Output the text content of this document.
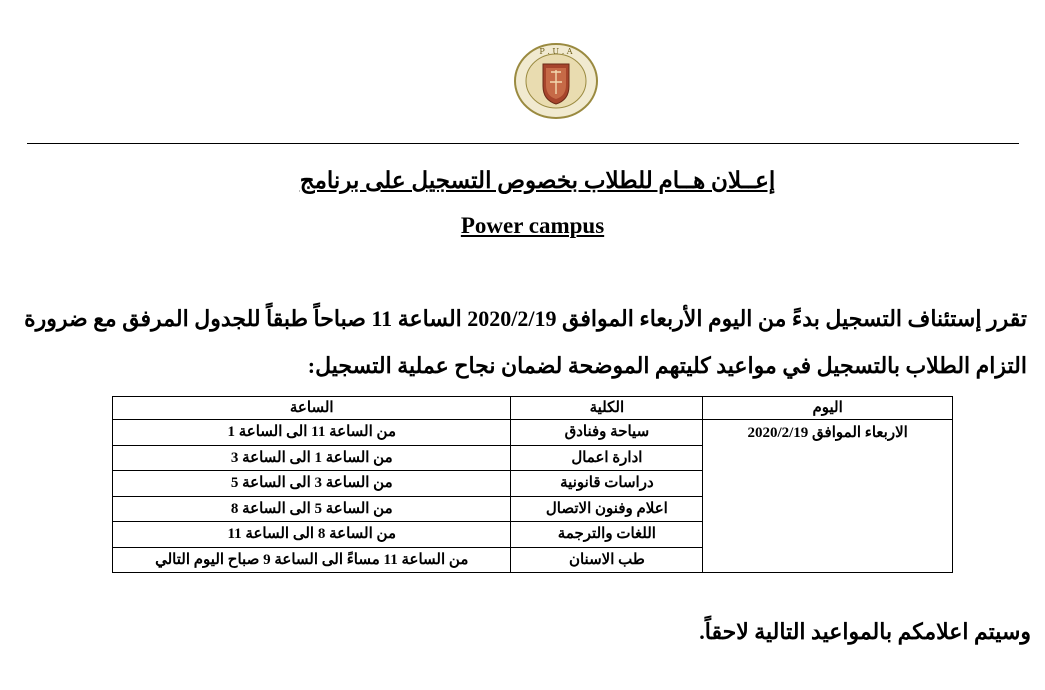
P . U . A
إعــلان هــام للطلاب بخصوص التسجيل على برنامج
Power campus
تقرر إستئناف التسجيل بدءً من اليوم الأربعاء الموافق 2020/2/19 الساعة 11 صباحاً طبقاً للجدول المرفق مع ضرورة
التزام الطلاب بالتسجيل في مواعيد كليتهم الموضحة لضمان نجاح عملية التسجيل:
اليوم	الكلية	الساعة
الاربعاء الموافق 2020/2/19	سياحة وفنادق	من الساعة 11 الى الساعة 1
	ادارة اعمال	من الساعة 1 الى الساعة 3
	دراسات قانونية	من الساعة 3 الى الساعة 5
	اعلام وفنون الاتصال	من الساعة 5 الى الساعة 8
	اللغات والترجمة	من الساعة 8 الى الساعة 11
	طب الاسنان	من الساعة 11 مساءً الى الساعة 9 صباح اليوم التالي
وسيتم اعلامكم بالمواعيد التالية لاحقاً.
